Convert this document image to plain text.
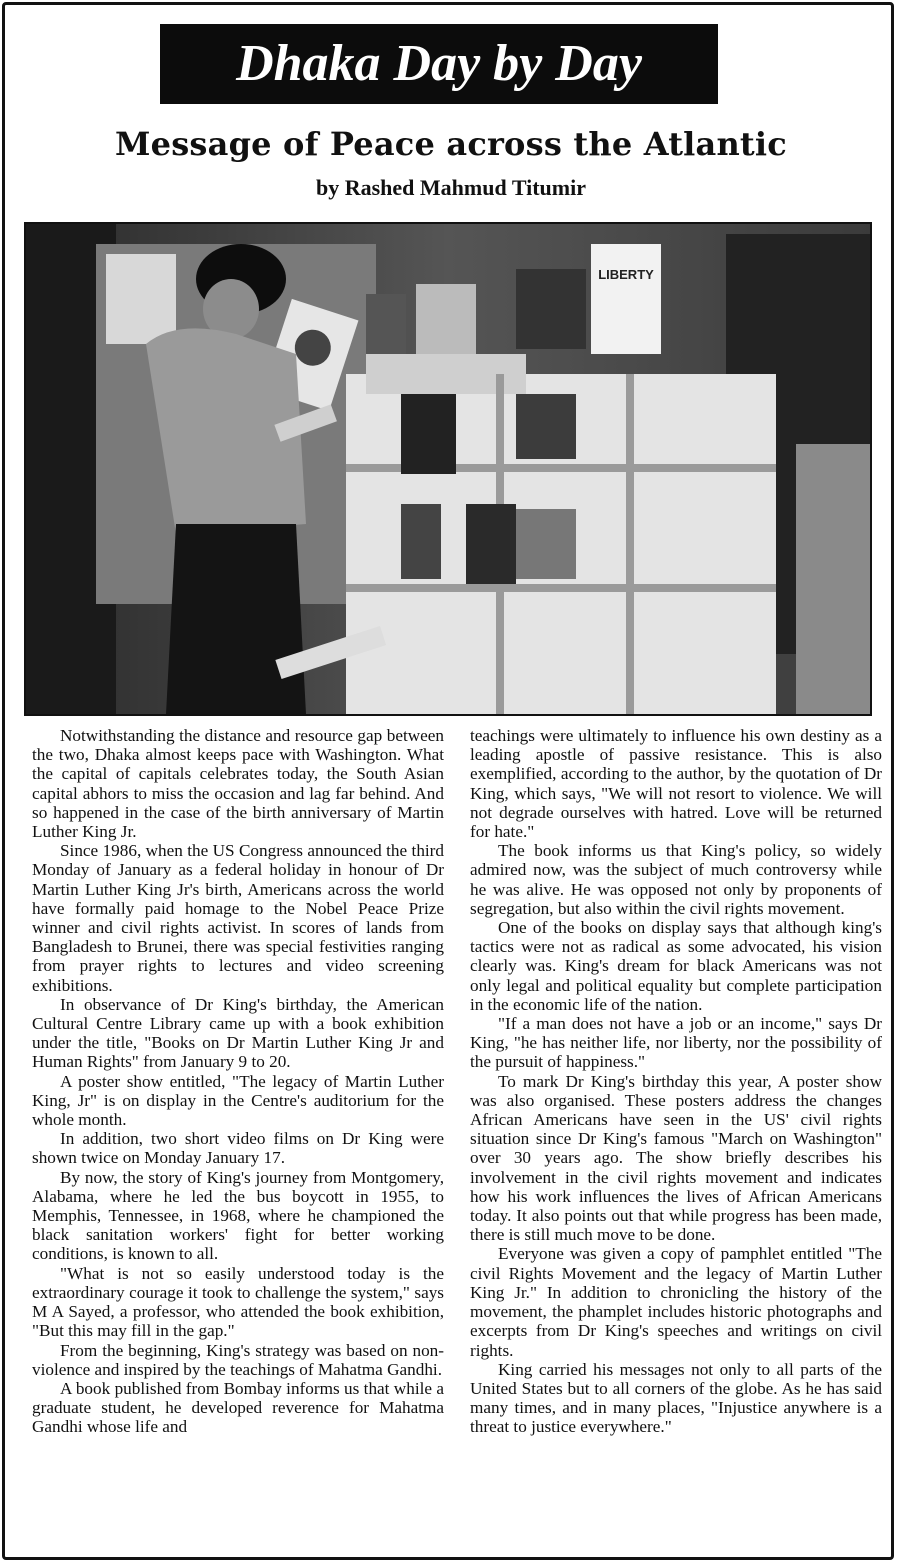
Dhaka Day by Day
Message of Peace across the Atlantic
by Rashed Mahmud Titumir
LIBERTY

Notwithstanding the distance and resource gap between the two, Dhaka almost keeps pace with Washington. What the capital of capitals celebrates today, the South Asian capital abhors to miss the occasion and lag far behind. And so happened in the case of the birth anniversary of Martin Luther King Jr.

Since 1986, when the US Congress announced the third Monday of January as a federal holiday in honour of Dr Martin Luther King Jr's birth, Americans across the world have formally paid homage to the Nobel Peace Prize winner and civil rights activist. In scores of lands from Bangladesh to Brunei, there was special festivities ranging from prayer rights to lectures and video screening exhibitions.

In observance of Dr King's birthday, the American Cultural Centre Library came up with a book exhibition under the title, "Books on Dr Martin Luther King Jr and Human Rights" from January 9 to 20.

A poster show entitled, "The legacy of Martin Luther King, Jr" is on display in the Centre's auditorium for the whole month.

In addition, two short video films on Dr King were shown twice on Monday January 17.

By now, the story of King's journey from Montgomery, Alabama, where he led the bus boycott in 1955, to Memphis, Tennessee, in 1968, where he championed the black sanitation workers' fight for better working conditions, is known to all.

"What is not so easily understood today is the extraordinary courage it took to challenge the system," says M A Sayed, a professor, who attended the book exhibition, "But this may fill in the gap."

From the beginning, King's strategy was based on non-violence and inspired by the teachings of Mahatma Gandhi.

A book published from Bombay informs us that while a graduate student, he developed reverence for Mahatma Gandhi whose life and

teachings were ultimately to influence his own destiny as a leading apostle of passive resistance. This is also exemplified, according to the author, by the quotation of Dr King, which says, "We will not resort to violence. We will not degrade ourselves with hatred. Love will be returned for hate."

The book informs us that King's policy, so widely admired now, was the subject of much controversy while he was alive. He was opposed not only by proponents of segregation, but also within the civil rights movement.

One of the books on display says that although king's tactics were not as radical as some advocated, his vision clearly was. King's dream for black Americans was not only legal and political equality but complete participation in the economic life of the nation.

"If a man does not have a job or an income," says Dr King, "he has neither life, nor liberty, nor the possibility of the pursuit of happiness."

To mark Dr King's birthday this year, A poster show was also organised. These posters address the changes African Americans have seen in the US' civil rights situation since Dr King's famous "March on Washington" over 30 years ago. The show briefly describes his involvement in the civil rights movement and indicates how his work influences the lives of African Americans today. It also points out that while progress has been made, there is still much move to be done.

Everyone was given a copy of pamphlet entitled "The civil Rights Movement and the legacy of Martin Luther King Jr." In addition to chronicling the history of the movement, the phamplet includes historic photographs and excerpts from Dr King's speeches and writings on civil rights.

King carried his messages not only to all parts of the United States but to all corners of the globe. As he has said many times, and in many places, "Injustice anywhere is a threat to justice everywhere."
